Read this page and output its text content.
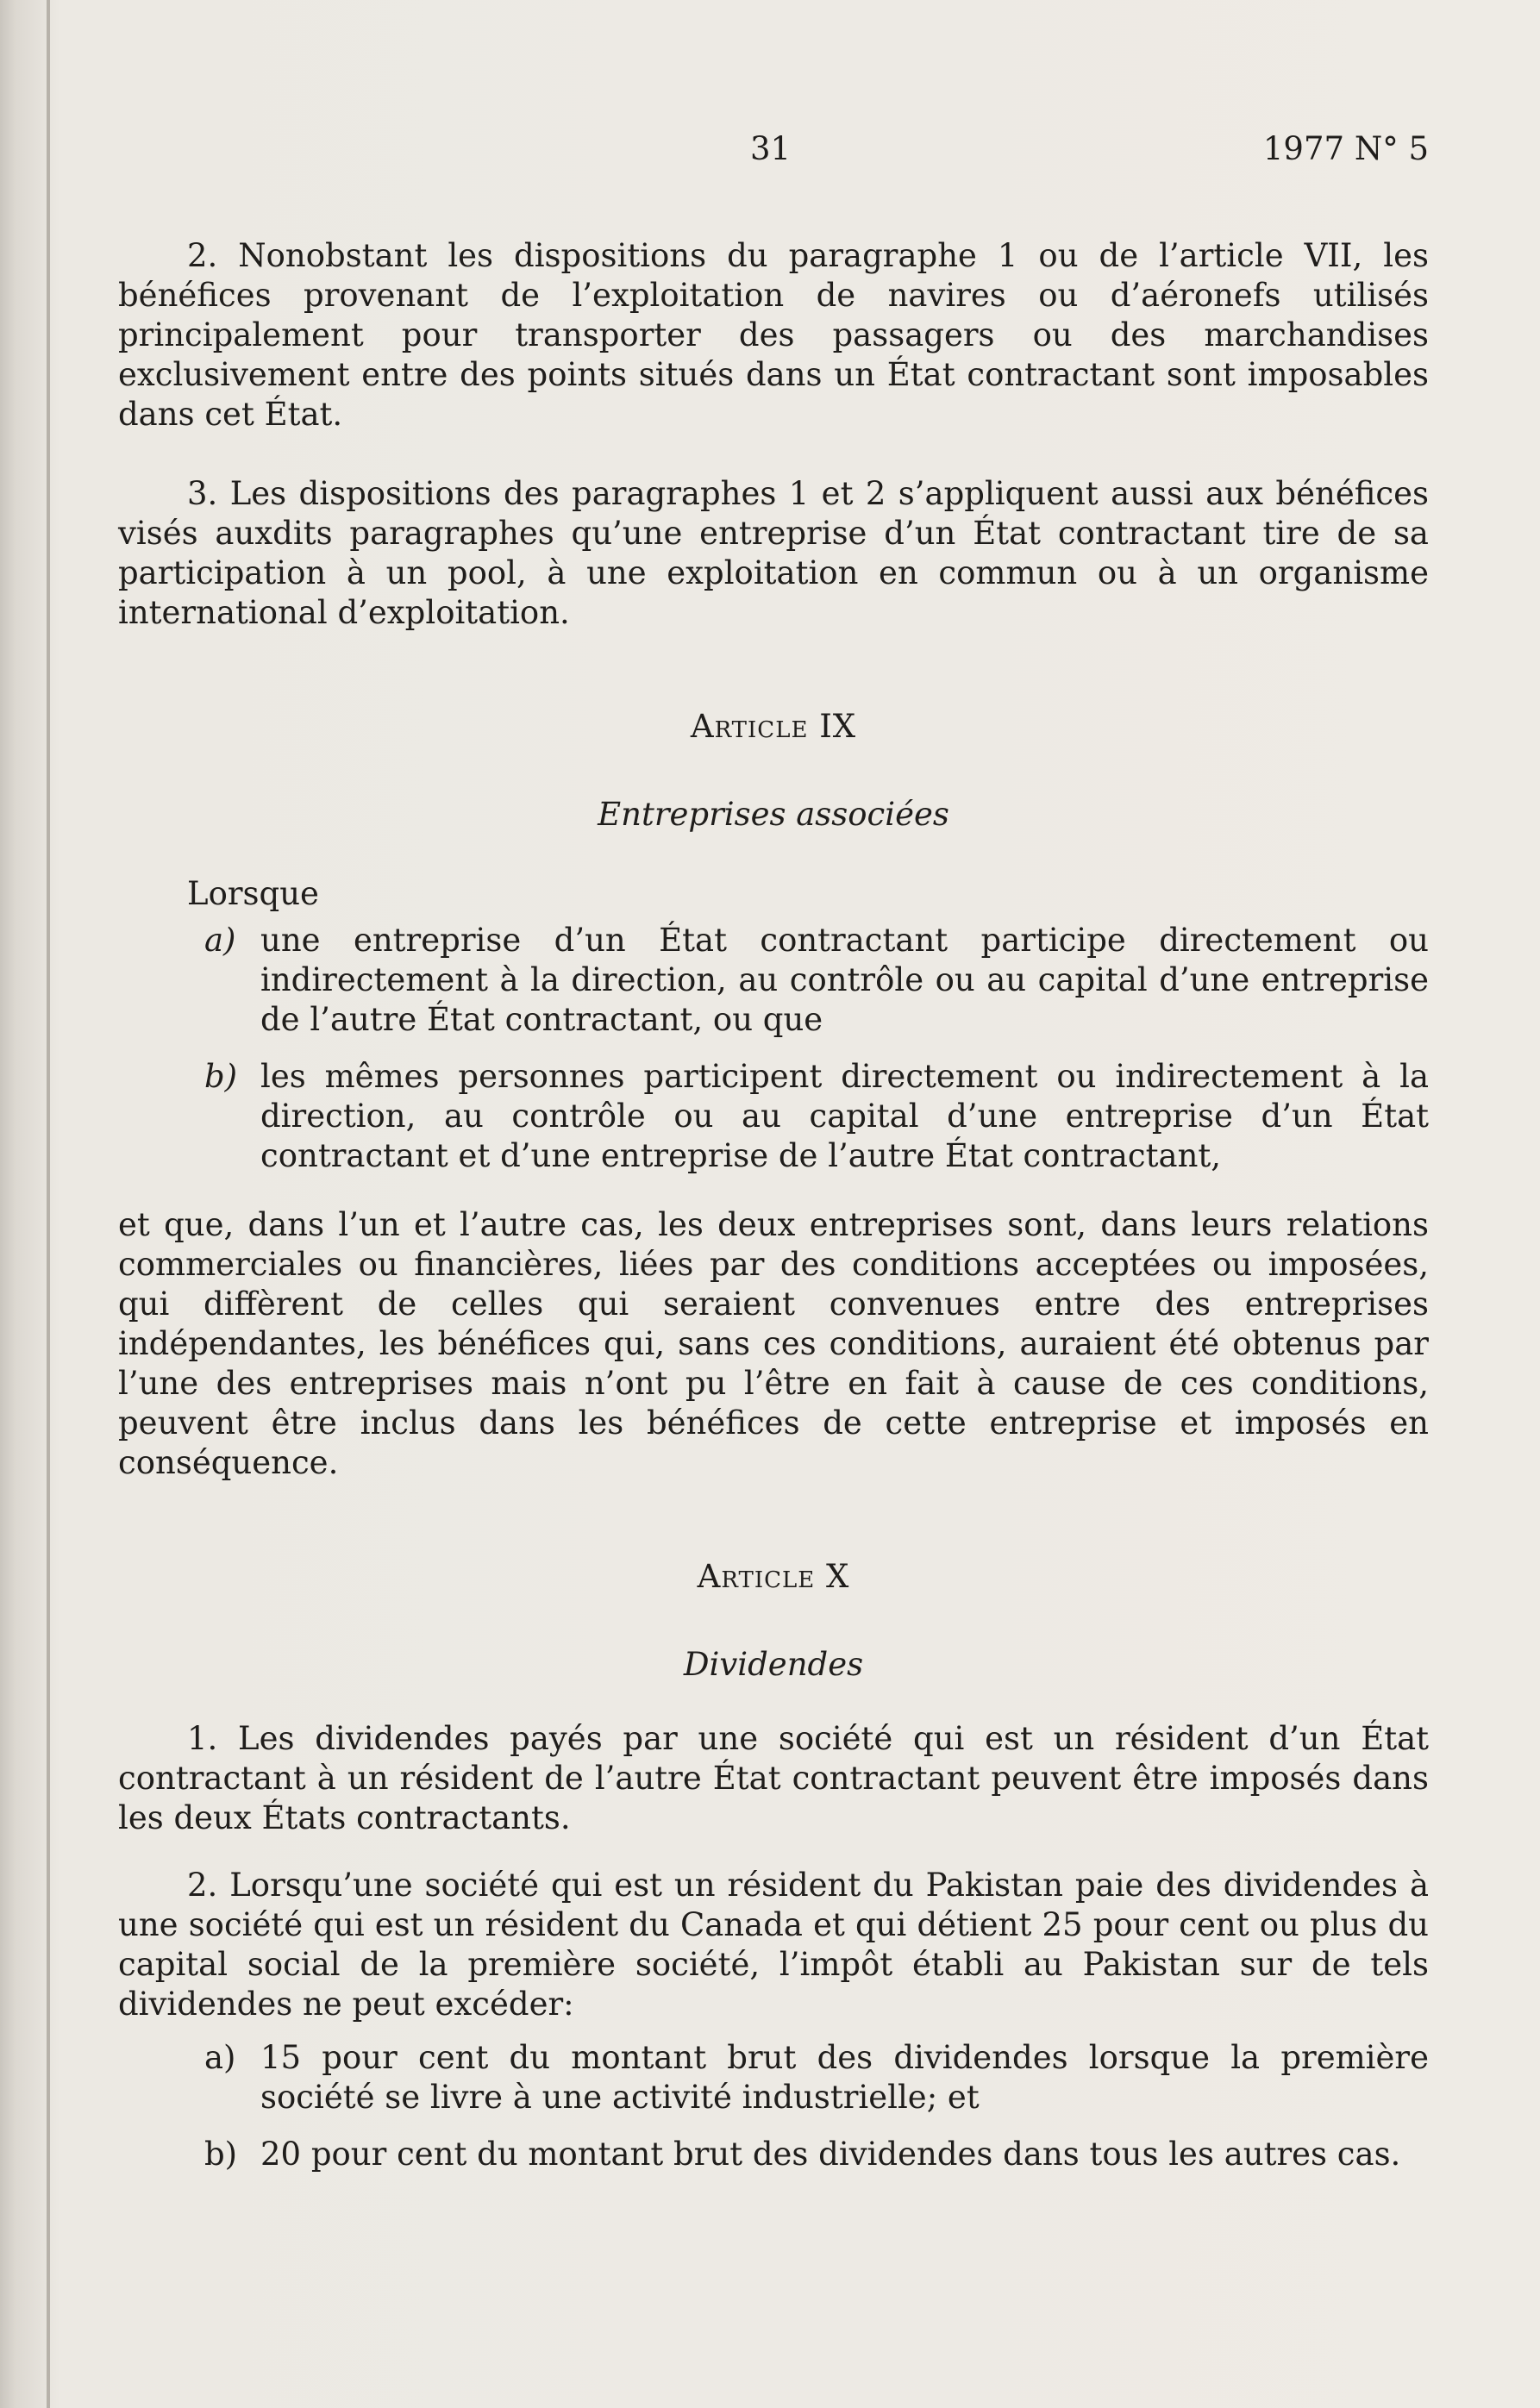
31	1977 N° 5

2. Nonobstant les dispositions du paragraphe 1 ou de l’article VII, les bénéfices provenant de l’exploitation de navires ou d’aéronefs utilisés principalement pour transporter des passagers ou des marchandises exclusivement entre des points situés dans un État contractant sont imposables dans cet État.

3. Les dispositions des paragraphes 1 et 2 s’appliquent aussi aux bénéfices visés auxdits paragraphes qu’une entreprise d’un État contractant tire de sa participation à un pool, à une exploitation en commun ou à un organisme international d’exploitation.

Article IX

Entreprises associées

Lorsque

a) une entreprise d’un État contractant participe directement ou indirectement à la direction, au contrôle ou au capital d’une entreprise de l’autre État contractant, ou que
b) les mêmes personnes participent directement ou indirectement à la direction, au contrôle ou au capital d’une entreprise d’un État contractant et d’une entreprise de l’autre État contractant,

et que, dans l’un et l’autre cas, les deux entreprises sont, dans leurs relations commerciales ou financières, liées par des conditions acceptées ou imposées, qui diffèrent de celles qui seraient convenues entre des entreprises indépendantes, les bénéfices qui, sans ces conditions, auraient été obtenus par l’une des entreprises mais n’ont pu l’être en fait à cause de ces conditions, peuvent être inclus dans les bénéfices de cette entreprise et imposés en conséquence.

Article X

Dividendes

1. Les dividendes payés par une société qui est un résident d’un État contractant à un résident de l’autre État contractant peuvent être imposés dans les deux États contractants.

2. Lorsqu’une société qui est un résident du Pakistan paie des dividendes à une société qui est un résident du Canada et qui détient 25 pour cent ou plus du capital social de la première société, l’impôt établi au Pakistan sur de tels dividendes ne peut excéder:

a) 15 pour cent du montant brut des dividendes lorsque la première société se livre à une activité industrielle; et
b) 20 pour cent du montant brut des dividendes dans tous les autres cas.
